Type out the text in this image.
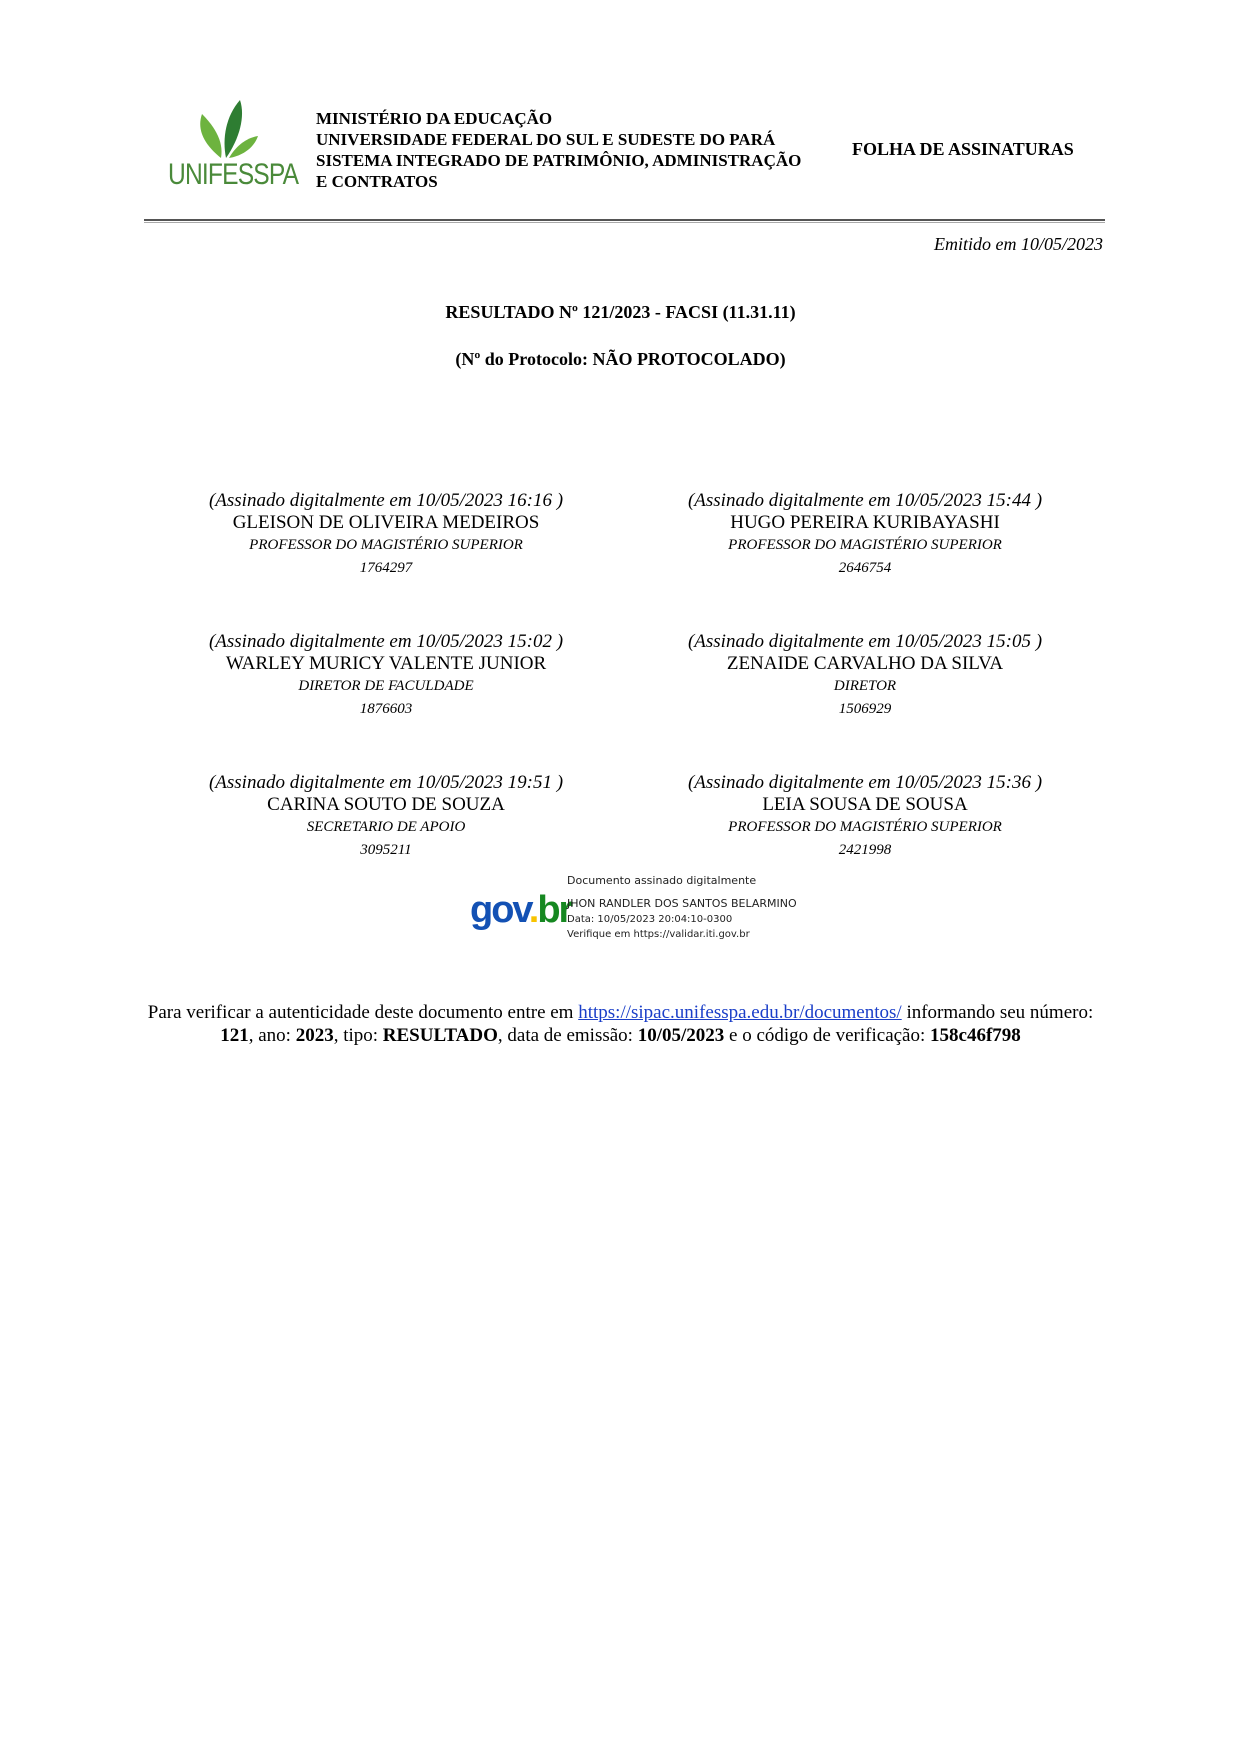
UNIFESSPA
MINISTÉRIO DA EDUCAÇÃO
UNIVERSIDADE FEDERAL DO SUL E SUDESTE DO PARÁ
SISTEMA INTEGRADO DE PATRIMÔNIO, ADMINISTRAÇÃO
E CONTRATOS
FOLHA DE ASSINATURAS
Emitido em 10/05/2023
RESULTADO Nº 121/2023 - FACSI (11.31.11)
(Nº do Protocolo: NÃO PROTOCOLADO)
(Assinado digitalmente em 10/05/2023 16:16 )
GLEISON DE OLIVEIRA MEDEIROS
PROFESSOR DO MAGISTÉRIO SUPERIOR
1764297
(Assinado digitalmente em 10/05/2023 15:44 )
HUGO PEREIRA KURIBAYASHI
PROFESSOR DO MAGISTÉRIO SUPERIOR
2646754
(Assinado digitalmente em 10/05/2023 15:02 )
WARLEY MURICY VALENTE JUNIOR
DIRETOR DE FACULDADE
1876603
(Assinado digitalmente em 10/05/2023 15:05 )
ZENAIDE CARVALHO DA SILVA
DIRETOR
1506929
(Assinado digitalmente em 10/05/2023 19:51 )
CARINA SOUTO DE SOUZA
SECRETARIO DE APOIO
3095211
(Assinado digitalmente em 10/05/2023 15:36 )
LEIA SOUSA DE SOUSA
PROFESSOR DO MAGISTÉRIO SUPERIOR
2421998
gov.br
Documento assinado digitalmente
JHON RANDLER DOS SANTOS BELARMINO
Data: 10/05/2023 20:04:10-0300
Verifique em https://validar.iti.gov.br
Para verificar a autenticidade deste documento entre em https://sipac.unifesspa.edu.br/documentos/ informando seu número: 121, ano: 2023, tipo: RESULTADO, data de emissão: 10/05/2023 e o código de verificação: 158c46f798
